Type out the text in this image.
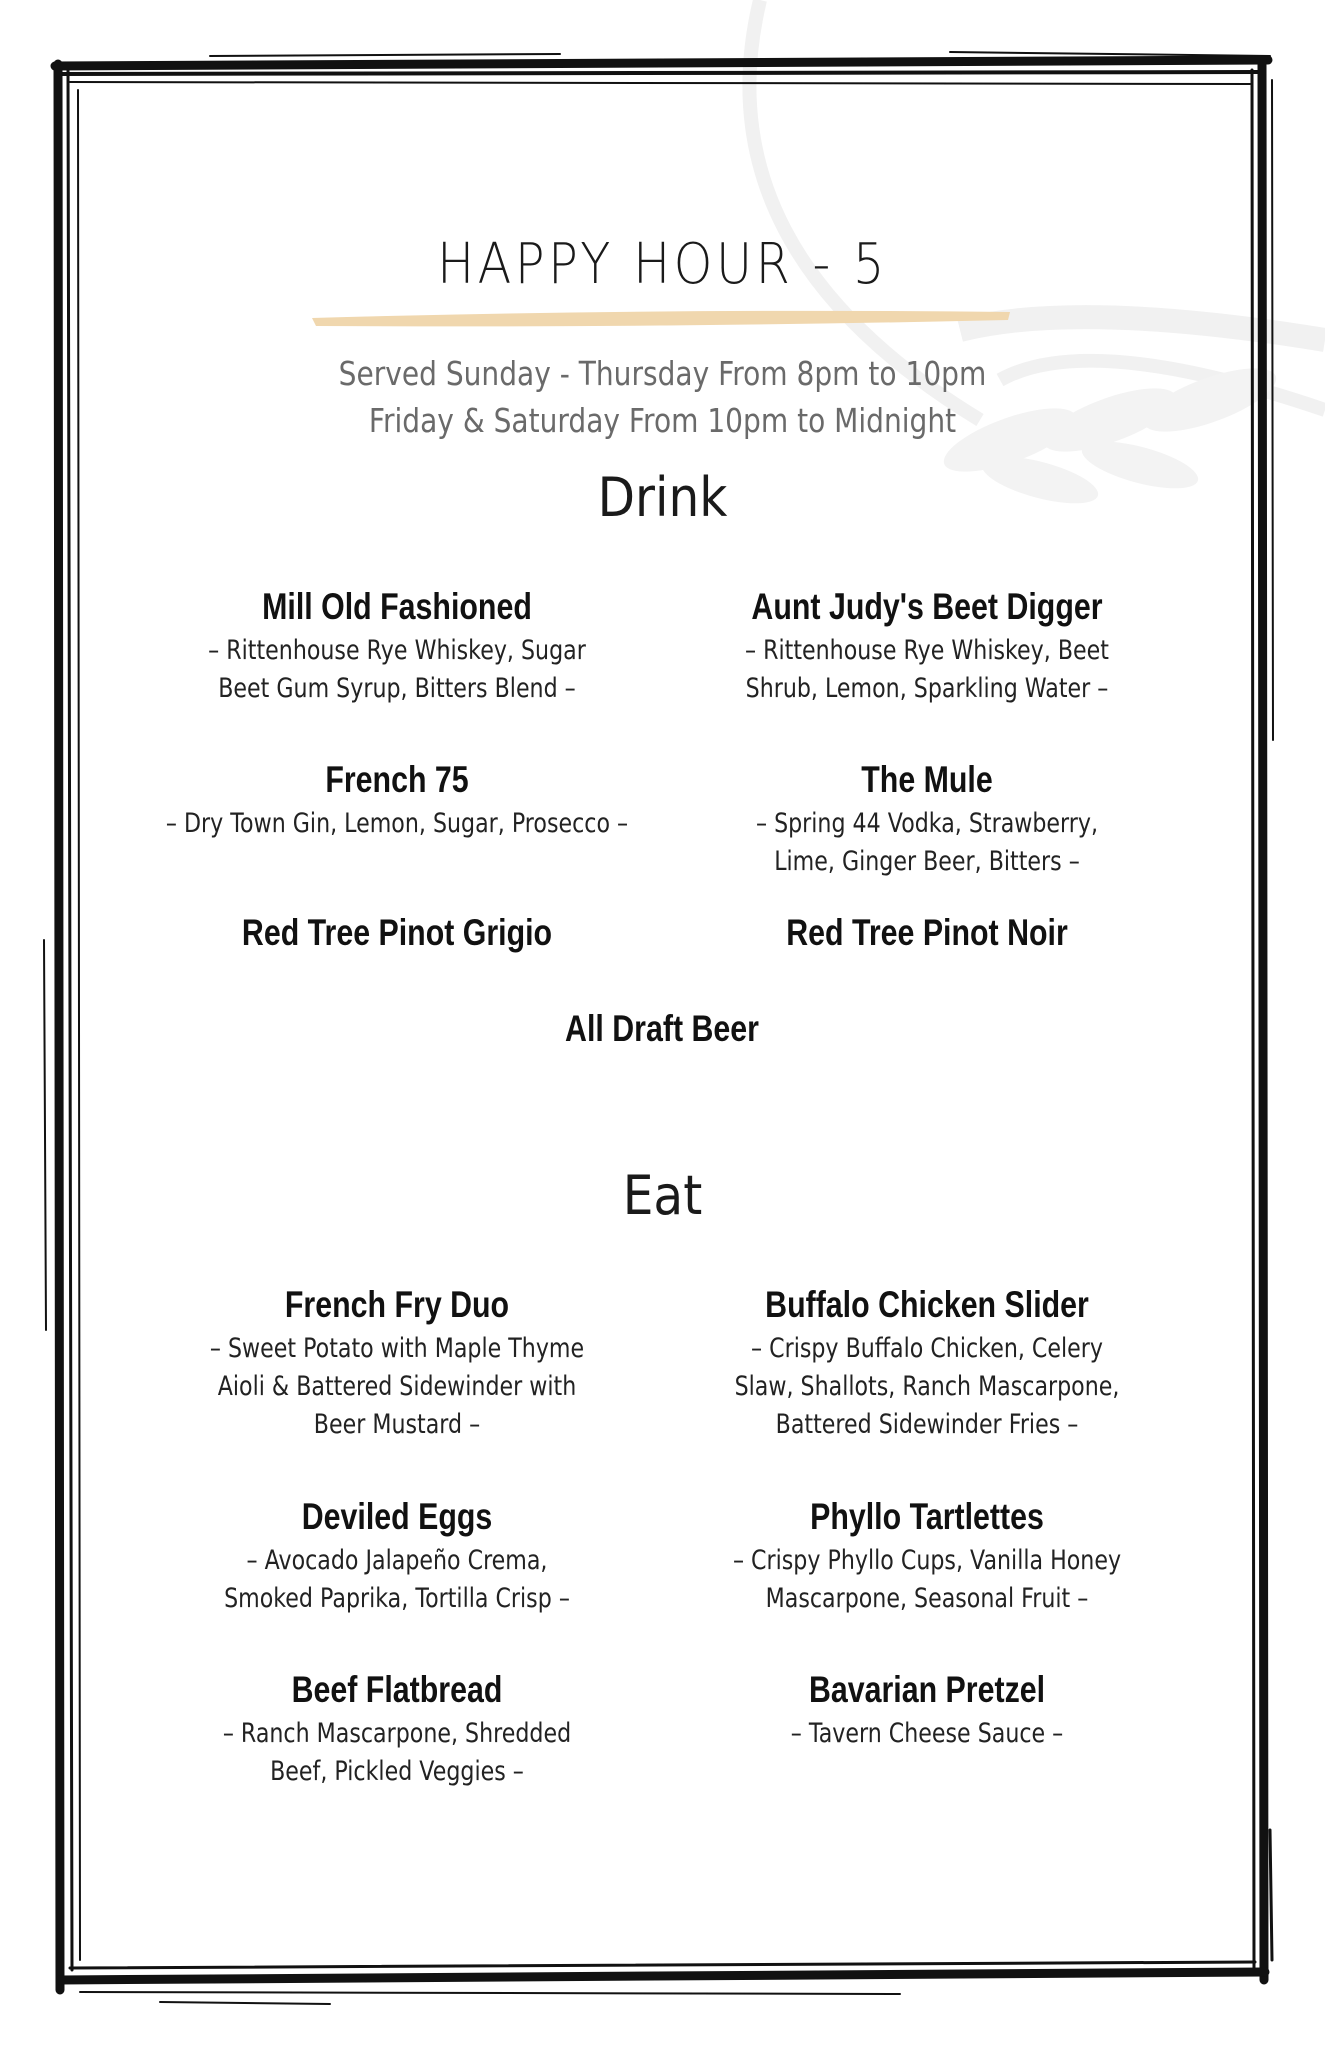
HAPPY HOUR - 5
Served Sunday - Thursday From 8pm to 10pm
Friday & Saturday From 10pm to Midnight
Drink
Mill Old Fashioned
– Rittenhouse Rye Whiskey, Sugar
Beet Gum Syrup, Bitters Blend –
Aunt Judy's Beet Digger
– Rittenhouse Rye Whiskey, Beet
Shrub, Lemon, Sparkling Water –
French 75
– Dry Town Gin, Lemon, Sugar, Prosecco –
The Mule
– Spring 44 Vodka, Strawberry,
Lime, Ginger Beer, Bitters –
Red Tree Pinot Grigio	Red Tree Pinot Noir
All Draft Beer
Eat
French Fry Duo
– Sweet Potato with Maple Thyme
Aioli & Battered Sidewinder with
Beer Mustard –
Buffalo Chicken Slider
– Crispy Buffalo Chicken, Celery
Slaw, Shallots, Ranch Mascarpone,
Battered Sidewinder Fries –
Deviled Eggs
– Avocado Jalapeño Crema,
Smoked Paprika, Tortilla Crisp –
Phyllo Tartlettes
– Crispy Phyllo Cups, Vanilla Honey
Mascarpone, Seasonal Fruit –
Beef Flatbread
– Ranch Mascarpone, Shredded
Beef, Pickled Veggies –
Bavarian Pretzel
– Tavern Cheese Sauce –
